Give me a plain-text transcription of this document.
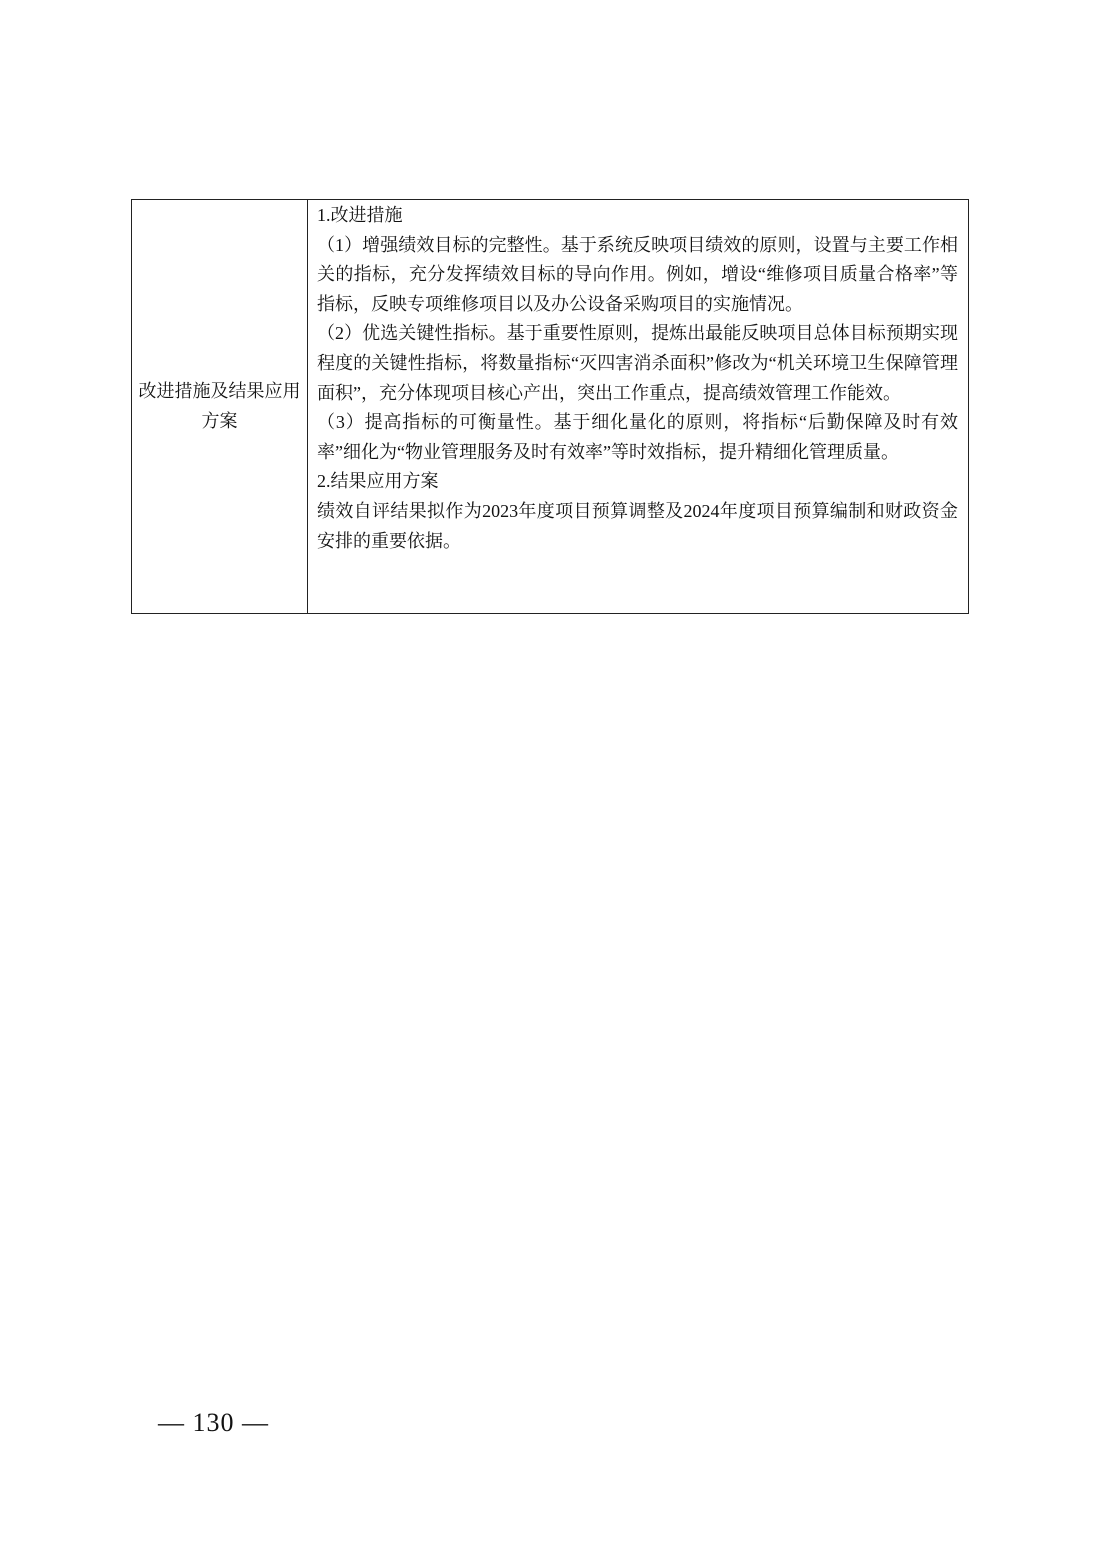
改进措施及结果应用方案

1.改进措施

（1）增强绩效目标的完整性。基于系统反映项目绩效的原则，设置与主要工作相关的指标，充分发挥绩效目标的导向作用。例如，增设“维修项目质量合格率”等指标，反映专项维修项目以及办公设备采购项目的实施情况。

（2）优选关键性指标。基于重要性原则，提炼出最能反映项目总体目标预期实现程度的关键性指标，将数量指标“灭四害消杀面积”修改为“机关环境卫生保障管理面积”，充分体现项目核心产出，突出工作重点，提高绩效管理工作能效。

（3）提高指标的可衡量性。基于细化量化的原则，将指标“后勤保障及时有效率”细化为“物业管理服务及时有效率”等时效指标，提升精细化管理质量。

2.结果应用方案

绩效自评结果拟作为2023年度项目预算调整及2024年度项目预算编制和财政资金安排的重要依据。

— 130 —
